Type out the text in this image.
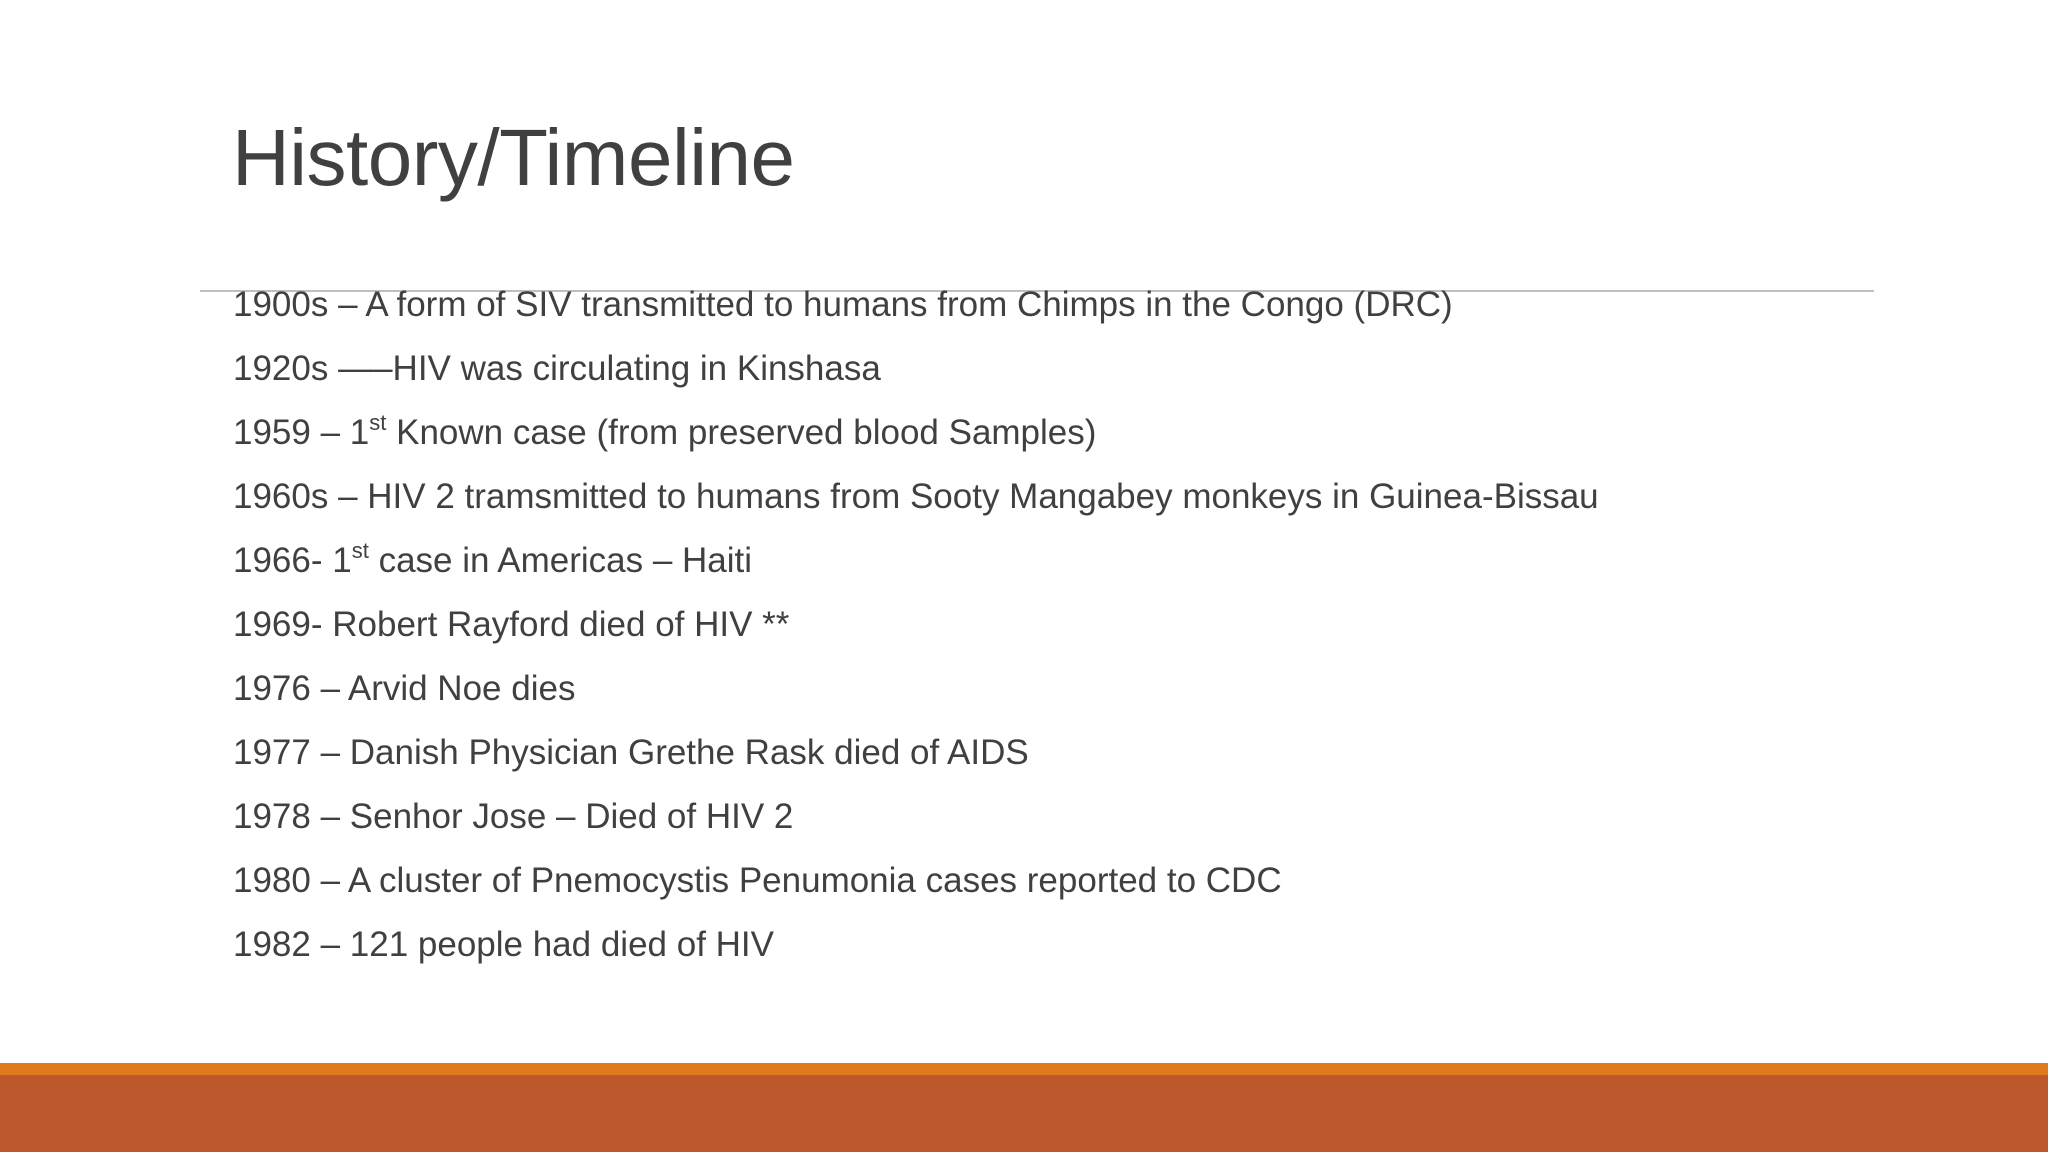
History/Timeline
1900s – A form of SIV transmitted to humans from Chimps in the Congo (DRC)
1920s —–HIV was circulating in Kinshasa
1959 – 1st Known case (from preserved blood Samples)
1960s – HIV 2 tramsmitted to humans from Sooty Mangabey monkeys in Guinea-Bissau
1966- 1st case in Americas – Haiti
1969- Robert Rayford died of HIV **
1976 – Arvid Noe dies
1977 – Danish Physician Grethe Rask died of AIDS
1978 – Senhor Jose – Died of HIV 2
1980 – A cluster of Pnemocystis Penumonia cases reported to CDC
1982 – 121 people had died of HIV
